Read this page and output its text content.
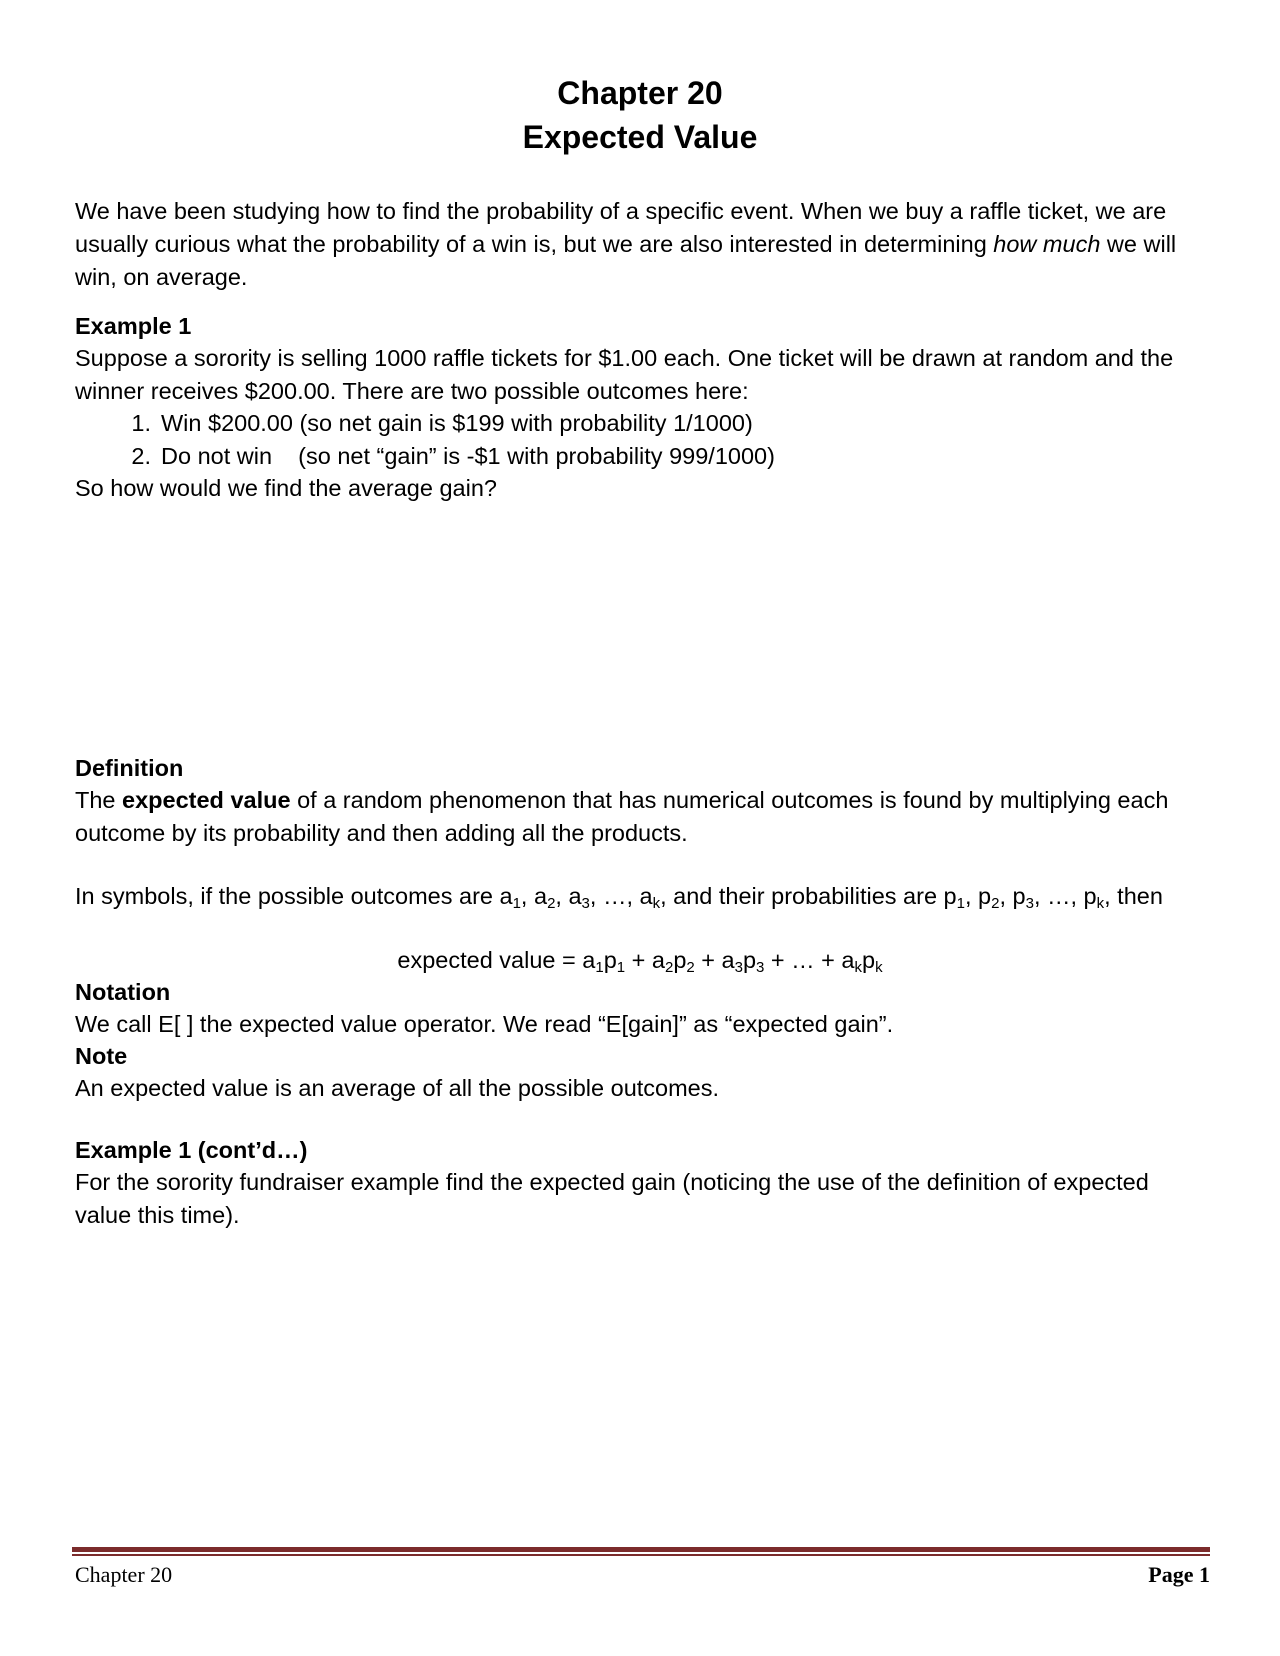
Chapter 20
Expected Value
We have been studying how to find the probability of a specific event. When we buy a raffle ticket, we are usually curious what the probability of a win is, but we are also interested in determining how much we will win, on average.
Example 1
Suppose a sorority is selling 1000 raffle tickets for $1.00 each. One ticket will be drawn at random and the winner receives $200.00. There are two possible outcomes here:
1. Win $200.00 (so net gain is $199 with probability 1/1000)
2. Do not win    (so net “gain” is -$1 with probability 999/1000)
So how would we find the average gain?
Definition
The expected value of a random phenomenon that has numerical outcomes is found by multiplying each outcome by its probability and then adding all the products.
In symbols, if the possible outcomes are $a_1$, $a_2$, $a_3$, …, $a_k$, and their probabilities are $p_1$, $p_2$, $p_3$, …, $p_k$, then
expected value = $a_1p_1 + a_2p_2 + a_3p_3$ + … + $a_kp_k$
Notation
We call E[ ] the expected value operator. We read “E[gain]” as “expected gain”.
Note
An expected value is an average of all the possible outcomes.
Example 1 (cont’d…)
For the sorority fundraiser example find the expected gain (noticing the use of the definition of expected value this time).
Chapter 20	Page 1
